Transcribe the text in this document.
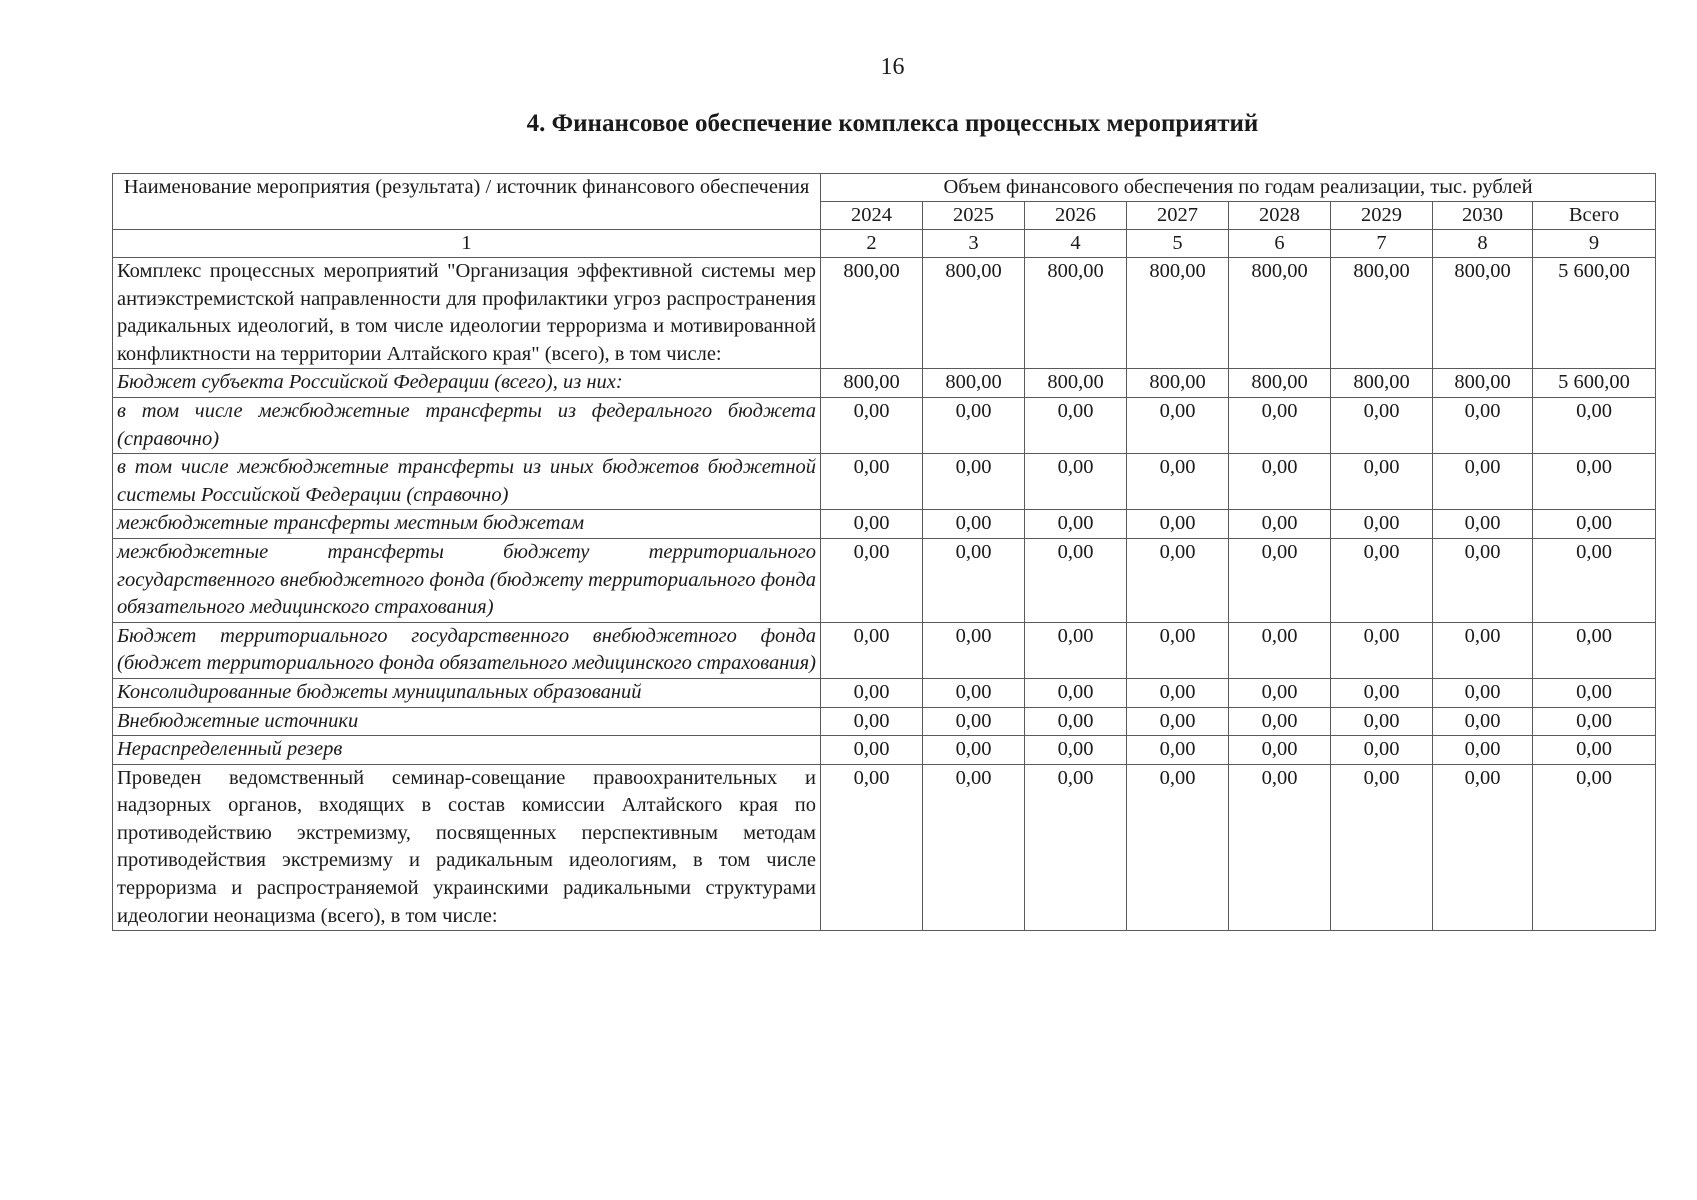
16
4. Финансовое обеспечение комплекса процессных мероприятий
Наименование мероприятия (результата) / источник финансового обеспечения	Объем финансового обеспечения по годам реализации, тыс. рублей							
	2024	2025	2026	2027	2028	2029	2030	Всего
1	2	3	4	5	6	7	8	9
Комплекс процессных мероприятий "Организация эффективной системы мер антиэкстремистской направленности для профилактики угроз распространения радикальных идеологий, в том числе идеологии терроризма и мотивированной конфликтности на территории Алтайского края" (всего), в том числе:	800,00	800,00	800,00	800,00	800,00	800,00	800,00	5 600,00
Бюджет субъекта Российской Федерации (всего), из них:	800,00	800,00	800,00	800,00	800,00	800,00	800,00	5 600,00
в том числе межбюджетные трансферты из федерального бюджета (справочно)	0,00	0,00	0,00	0,00	0,00	0,00	0,00	0,00
в том числе межбюджетные трансферты из иных бюджетов бюджетной системы Российской Федерации (справочно)	0,00	0,00	0,00	0,00	0,00	0,00	0,00	0,00
межбюджетные трансферты местным бюджетам	0,00	0,00	0,00	0,00	0,00	0,00	0,00	0,00
межбюджетные трансферты бюджету территориального государственного внебюджетного фонда (бюджету территориального фонда обязательного медицинского страхования)	0,00	0,00	0,00	0,00	0,00	0,00	0,00	0,00
Бюджет территориального государственного внебюджетного фонда (бюджет территориального фонда обязательного медицинского страхования)	0,00	0,00	0,00	0,00	0,00	0,00	0,00	0,00
Консолидированные бюджеты муниципальных образований	0,00	0,00	0,00	0,00	0,00	0,00	0,00	0,00
Внебюджетные источники	0,00	0,00	0,00	0,00	0,00	0,00	0,00	0,00
Нераспределенный резерв	0,00	0,00	0,00	0,00	0,00	0,00	0,00	0,00
Проведен ведомственный семинар-совещание правоохранительных и надзорных органов, входящих в состав комиссии Алтайского края по противодействию экстремизму, посвященных перспективным методам противодействия экстремизму и радикальным идеологиям, в том числе терроризма и распространяемой украинскими радикальными структурами идеологии неонацизма (всего), в том числе:	0,00	0,00	0,00	0,00	0,00	0,00	0,00	0,00
